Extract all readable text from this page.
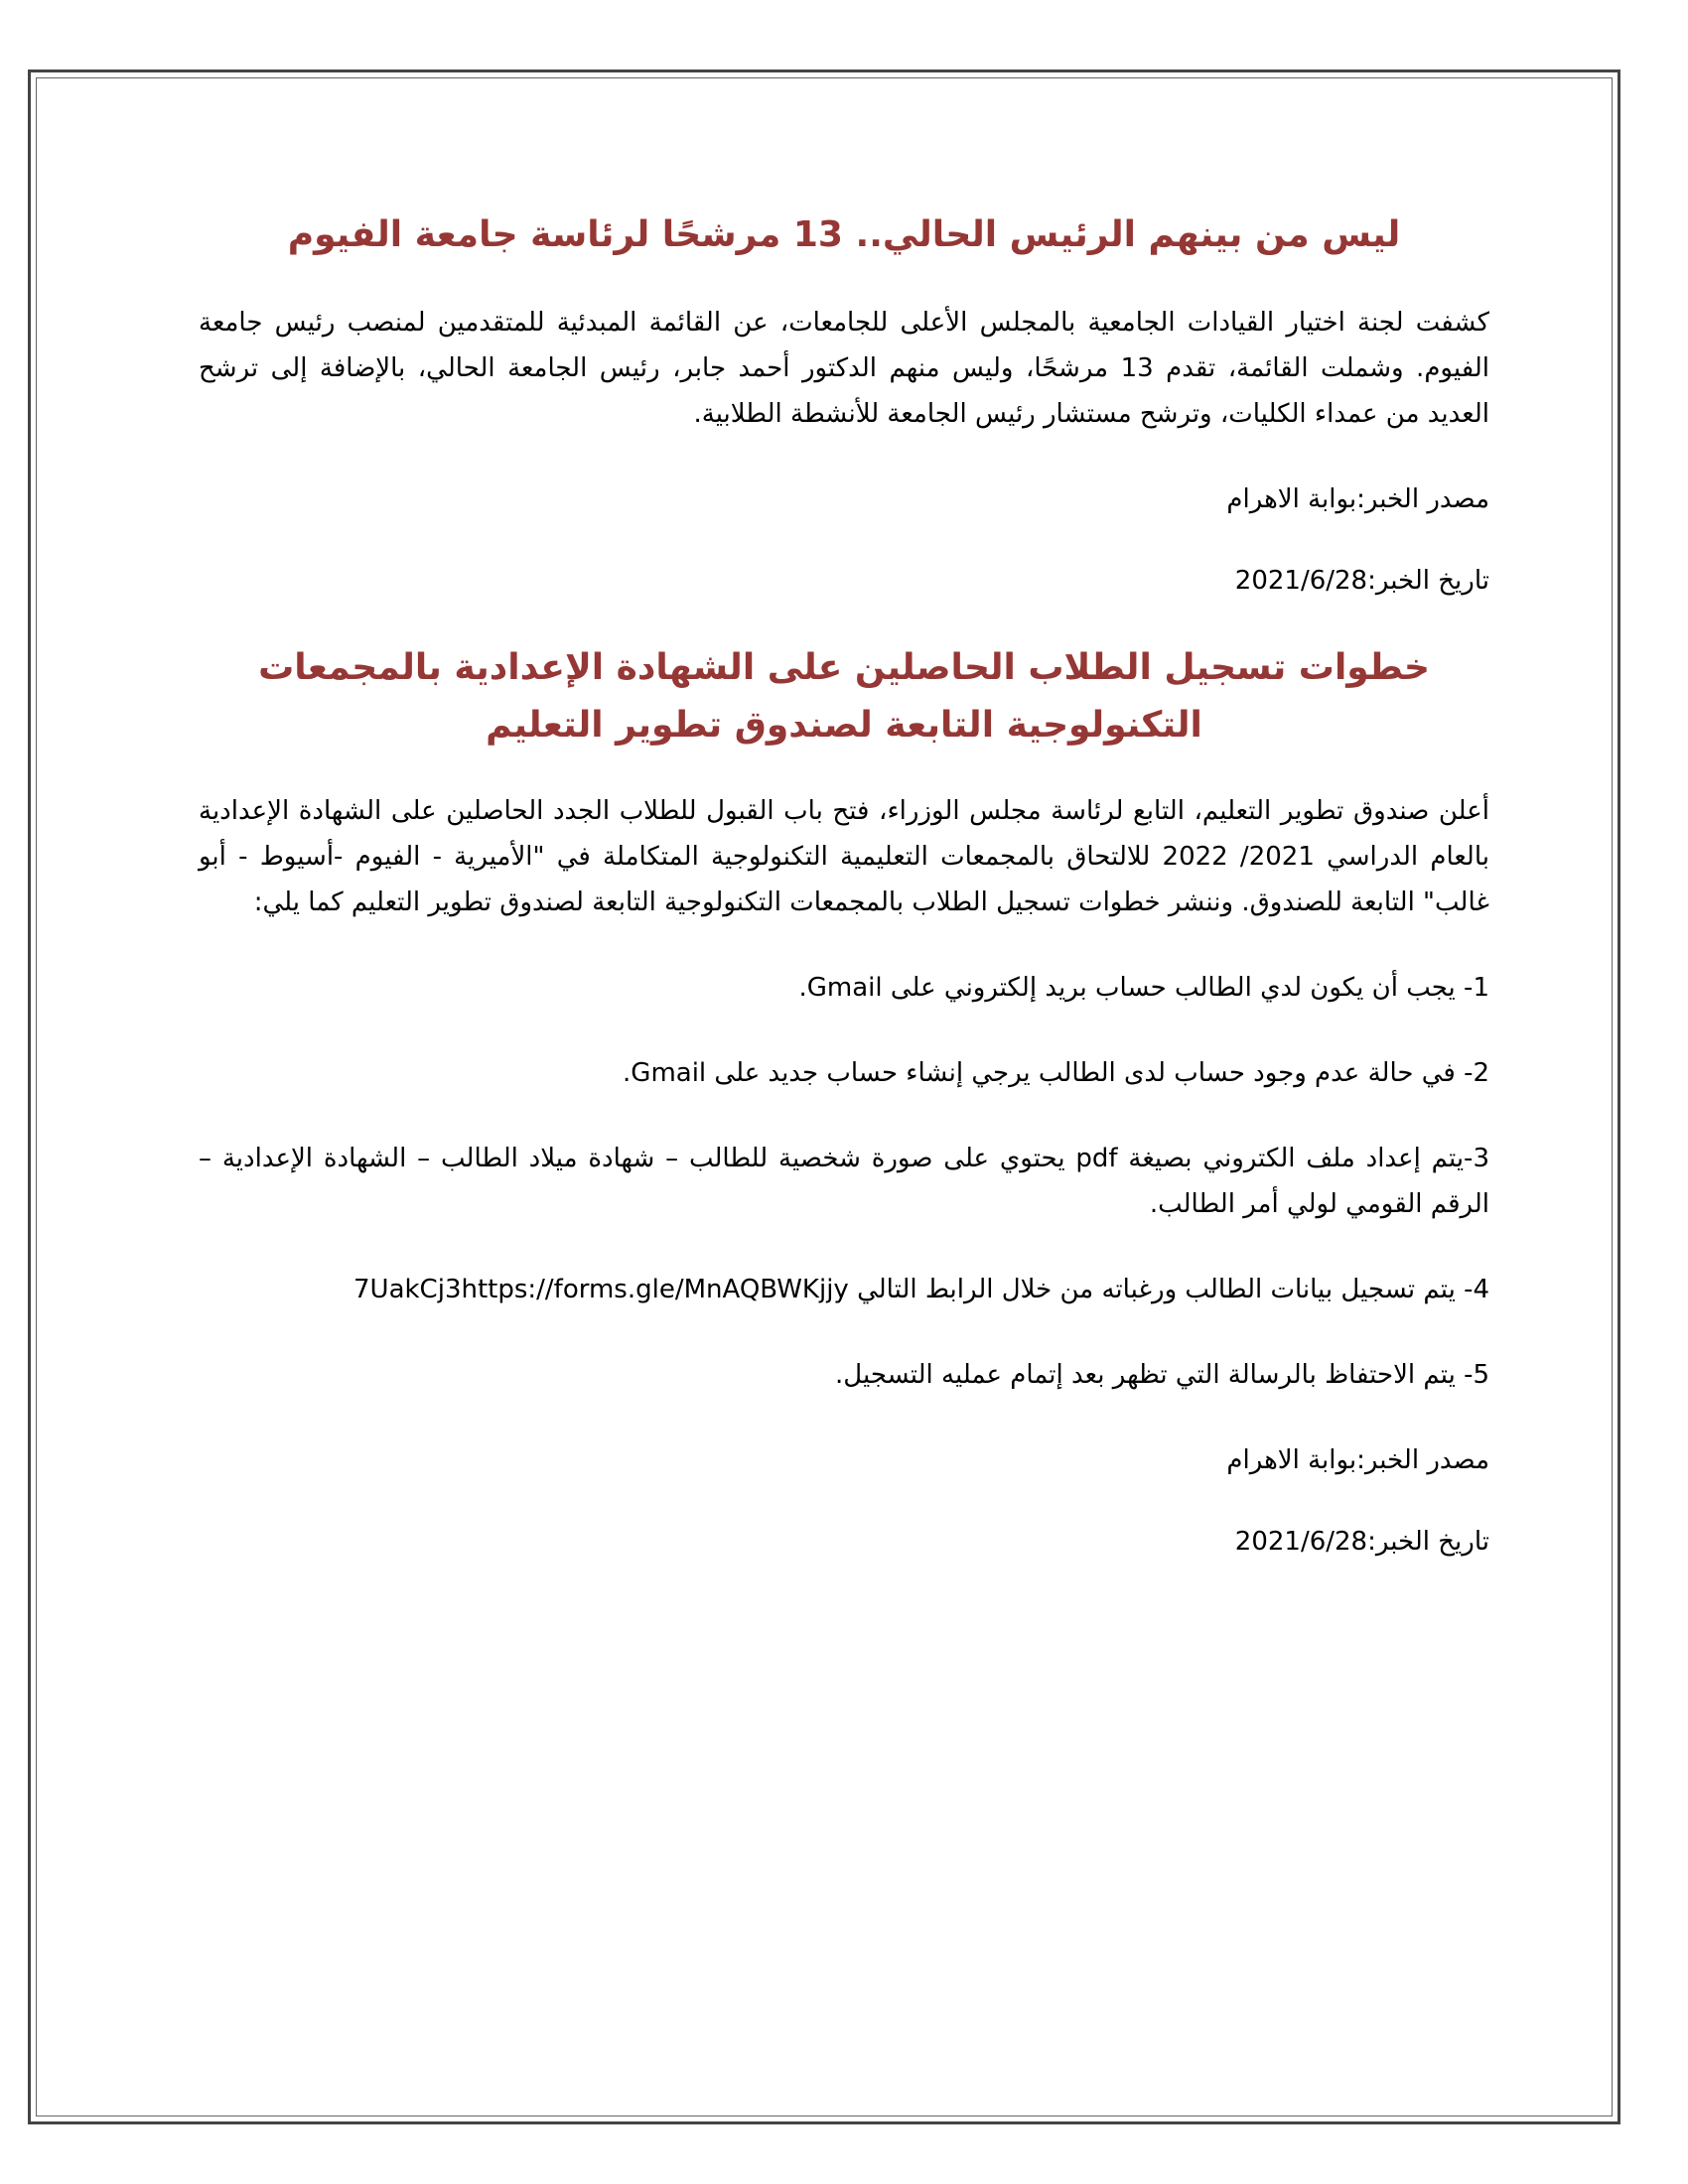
ليس من بينهم الرئيس الحالي.. 13 مرشحًا لرئاسة جامعة الفيوم

كشفت لجنة اختيار القيادات الجامعية بالمجلس الأعلى للجامعات، عن القائمة المبدئية للمتقدمين لمنصب رئيس جامعة الفيوم. وشملت القائمة، تقدم 13 مرشحًا، وليس منهم الدكتور أحمد جابر، رئيس الجامعة الحالي، بالإضافة إلى ترشح العديد من عمداء الكليات، وترشح مستشار رئيس الجامعة للأنشطة الطلابية.

مصدر الخبر:بوابة الاهرام

تاريخ الخبر:2021/6/28

خطوات تسجيل الطلاب الحاصلين على الشهادة الإعدادية بالمجمعات التكنولوجية التابعة لصندوق تطوير التعليم

أعلن صندوق تطوير التعليم، التابع لرئاسة مجلس الوزراء، فتح باب القبول للطلاب الجدد الحاصلين على الشهادة الإعدادية بالعام الدراسي 2021/ 2022 للالتحاق بالمجمعات التعليمية التكنولوجية المتكاملة في "الأميرية - الفيوم -أسيوط - أبو غالب" التابعة للصندوق. وننشر خطوات تسجيل الطلاب بالمجمعات التكنولوجية التابعة لصندوق تطوير التعليم كما يلي:

1- يجب أن يكون لدي الطالب حساب بريد إلكتروني على Gmail.

2- في حالة عدم وجود حساب لدى الطالب يرجي إنشاء حساب جديد على Gmail.

3-يتم إعداد ملف الكتروني بصيغة pdf يحتوي على صورة شخصية للطالب – شهادة ميلاد الطالب – الشهادة الإعدادية – الرقم القومي لولي أمر الطالب.

4- يتم تسجيل بيانات الطالب ورغباته من خلال الرابط التالي 7UakCj3https://forms.gle/MnAQBWKjjy

5- يتم الاحتفاظ بالرسالة التي تظهر بعد إتمام عمليه التسجيل.

مصدر الخبر:بوابة الاهرام

تاريخ الخبر:2021/6/28
